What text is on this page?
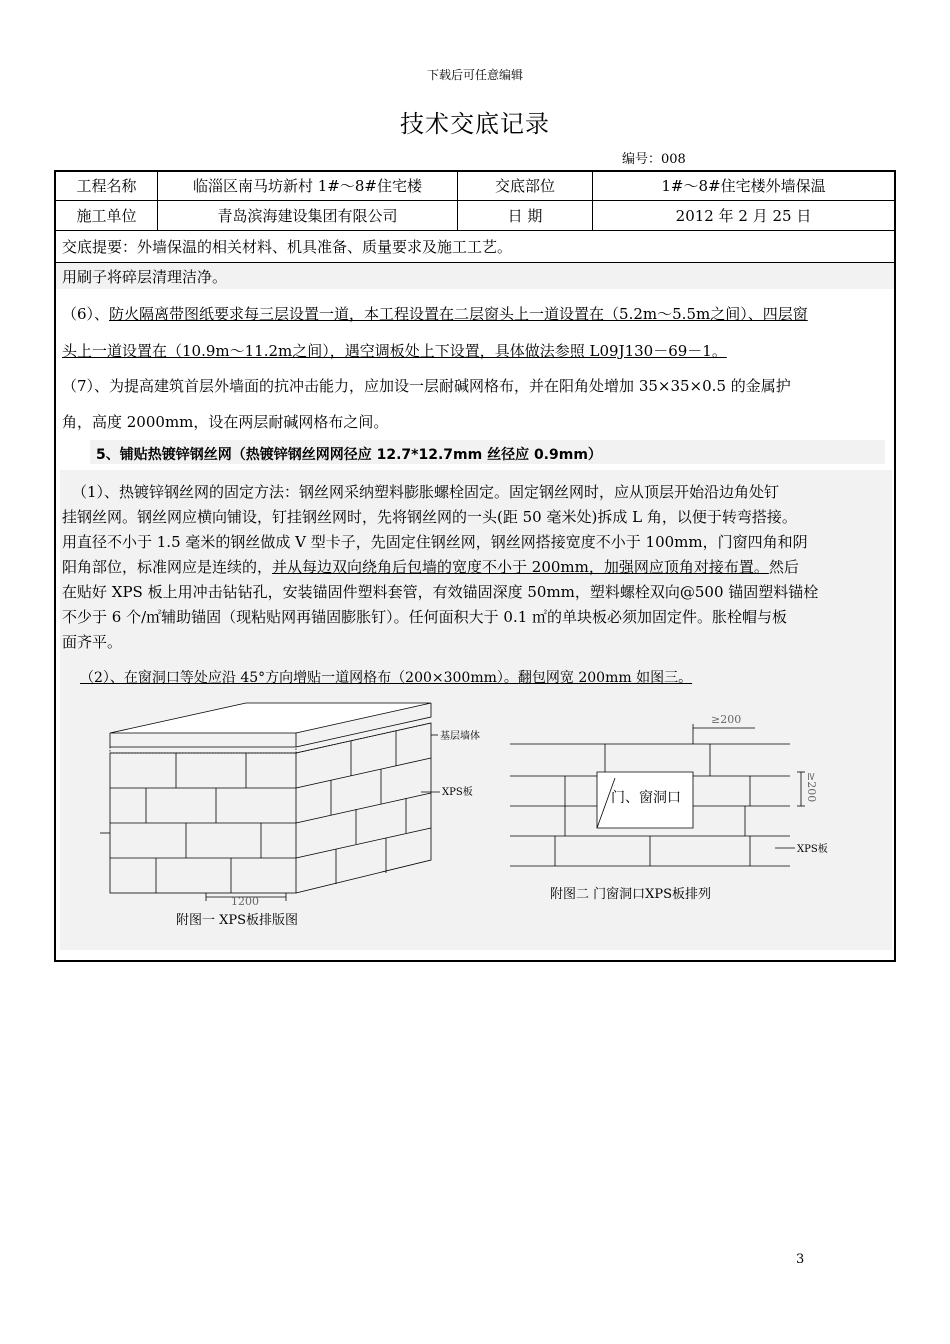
下载后可任意编辑
技术交底记录
编号：008
工程名称	临淄区南马坊新村 1#～8#住宅楼	交底部位	1#～8#住宅楼外墙保温
施工单位	青岛滨海建设集团有限公司	日 期	2012 年 2 月 25 日
交底提要：外墙保温的相关材料、机具准备、质量要求及施工工艺。
用刷子将碎层清理洁净。
（6）、防火隔离带图纸要求每三层设置一道，本工程设置在二层窗头上一道设置在（5.2m～5.5m之间）、四层窗
头上一道设置在（10.9m～11.2m之间），遇空调板处上下设置，具体做法参照 L09J130－69－1。
（7）、为提高建筑首层外墙面的抗冲击能力，应加设一层耐碱网格布，并在阳角处增加 35×35×0.5 的金属护
角，高度 2000mm，设在两层耐碱网格布之间。
5、铺贴热镀锌钢丝网（热镀锌钢丝网网径应 12.7*12.7mm 丝径应 0.9mm）
（1）、热镀锌钢丝网的固定方法：钢丝网采纳塑料膨胀螺栓固定。固定钢丝网时，应从顶层开始沿边角处钉
挂钢丝网。钢丝网应横向铺设，钉挂钢丝网时，先将钢丝网的一头(距 50 毫米处)拆成 L 角，以便于转弯搭接。
用直径不小于 1.5 毫米的钢丝做成 V 型卡子，先固定住钢丝网，钢丝网搭接宽度不小于 100mm，门窗四角和阴
阳角部位，标准网应是连续的，并从每边双向绕角后包墙的宽度不小于 200mm，加强网应顶角对接布置。然后
在贴好 XPS 板上用冲击钻钻孔，安装锚固件塑料套管，有效锚固深度 50mm，塑料螺栓双向@500 锚固塑料锚栓
不少于 6 个/㎡辅助锚固（现粘贴网再锚固膨胀钉）。任何面积大于 0.1 ㎡的单块板必须加固定件。胀栓帽与板
面齐平。
（2）、在窗洞口等处应沿 45°方向增贴一道网格布（200×300mm）。翻包网宽 200mm 如图三。
基层墙体
XPS板
1200
附图一 XPS板排版图
≥200
≥200
门、窗洞口
XPS板
附图二 门窗洞口XPS板排列
3
